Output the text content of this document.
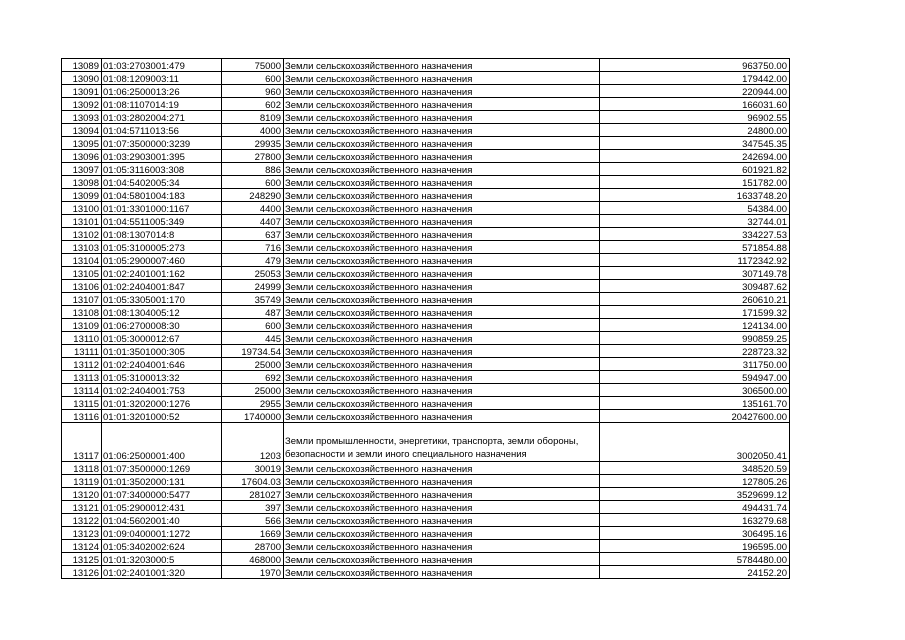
13089	01:03:2703001:479	75000	Земли сельскохозяйственного назначения	963750.00
13090	01:08:1209003:11	600	Земли сельскохозяйственного назначения	179442.00
13091	01:06:2500013:26	960	Земли сельскохозяйственного назначения	220944.00
13092	01:08:1107014:19	602	Земли сельскохозяйственного назначения	166031.60
13093	01:03:2802004:271	8109	Земли сельскохозяйственного назначения	96902.55
13094	01:04:5711013:56	4000	Земли сельскохозяйственного назначения	24800.00
13095	01:07:3500000:3239	29935	Земли сельскохозяйственного назначения	347545.35
13096	01:03:2903001:395	27800	Земли сельскохозяйственного назначения	242694.00
13097	01:05:3116003:308	886	Земли сельскохозяйственного назначения	601921.82
13098	01:04:5402005:34	600	Земли сельскохозяйственного назначения	151782.00
13099	01:04:5801004:183	248290	Земли сельскохозяйственного назначения	1633748.20
13100	01:01:3301000:1167	4400	Земли сельскохозяйственного назначения	54384.00
13101	01:04:5511005:349	4407	Земли сельскохозяйственного назначения	32744.01
13102	01:08:1307014:8	637	Земли сельскохозяйственного назначения	334227.53
13103	01:05:3100005:273	716	Земли сельскохозяйственного назначения	571854.88
13104	01:05:2900007:460	479	Земли сельскохозяйственного назначения	1172342.92
13105	01:02:2401001:162	25053	Земли сельскохозяйственного назначения	307149.78
13106	01:02:2404001:847	24999	Земли сельскохозяйственного назначения	309487.62
13107	01:05:3305001:170	35749	Земли сельскохозяйственного назначения	260610.21
13108	01:08:1304005:12	487	Земли сельскохозяйственного назначения	171599.32
13109	01:06:2700008:30	600	Земли сельскохозяйственного назначения	124134.00
13110	01:05:3000012:67	445	Земли сельскохозяйственного назначения	990859.25
13111	01:01:3501000:305	19734.54	Земли сельскохозяйственного назначения	228723.32
13112	01:02:2404001:646	25000	Земли сельскохозяйственного назначения	311750.00
13113	01:05:3100013:32	692	Земли сельскохозяйственного назначения	594947.00
13114	01:02:2404001:753	25000	Земли сельскохозяйственного назначения	306500.00
13115	01:01:3202000:1276	2955	Земли сельскохозяйственного назначения	135161.70
13116	01:01:3201000:52	1740000	Земли сельскохозяйственного назначения	20427600.00
13117	01:06:2500001:400	1203	Земли промышленности, энергетики, транспорта, земли обороны, безопасности и земли иного специального назначения	3002050.41
13118	01:07:3500000:1269	30019	Земли сельскохозяйственного назначения	348520.59
13119	01:01:3502000:131	17604.03	Земли сельскохозяйственного назначения	127805.26
13120	01:07:3400000:5477	281027	Земли сельскохозяйственного назначения	3529699.12
13121	01:05:2900012:431	397	Земли сельскохозяйственного назначения	494431.74
13122	01:04:5602001:40	566	Земли сельскохозяйственного назначения	163279.68
13123	01:09:0400001:1272	1669	Земли сельскохозяйственного назначения	306495.16
13124	01:05:3402002:624	28700	Земли сельскохозяйственного назначения	196595.00
13125	01:01:3203000:5	468000	Земли сельскохозяйственного назначения	5784480.00
13126	01:02:2401001:320	1970	Земли сельскохозяйственного назначения	24152.20
